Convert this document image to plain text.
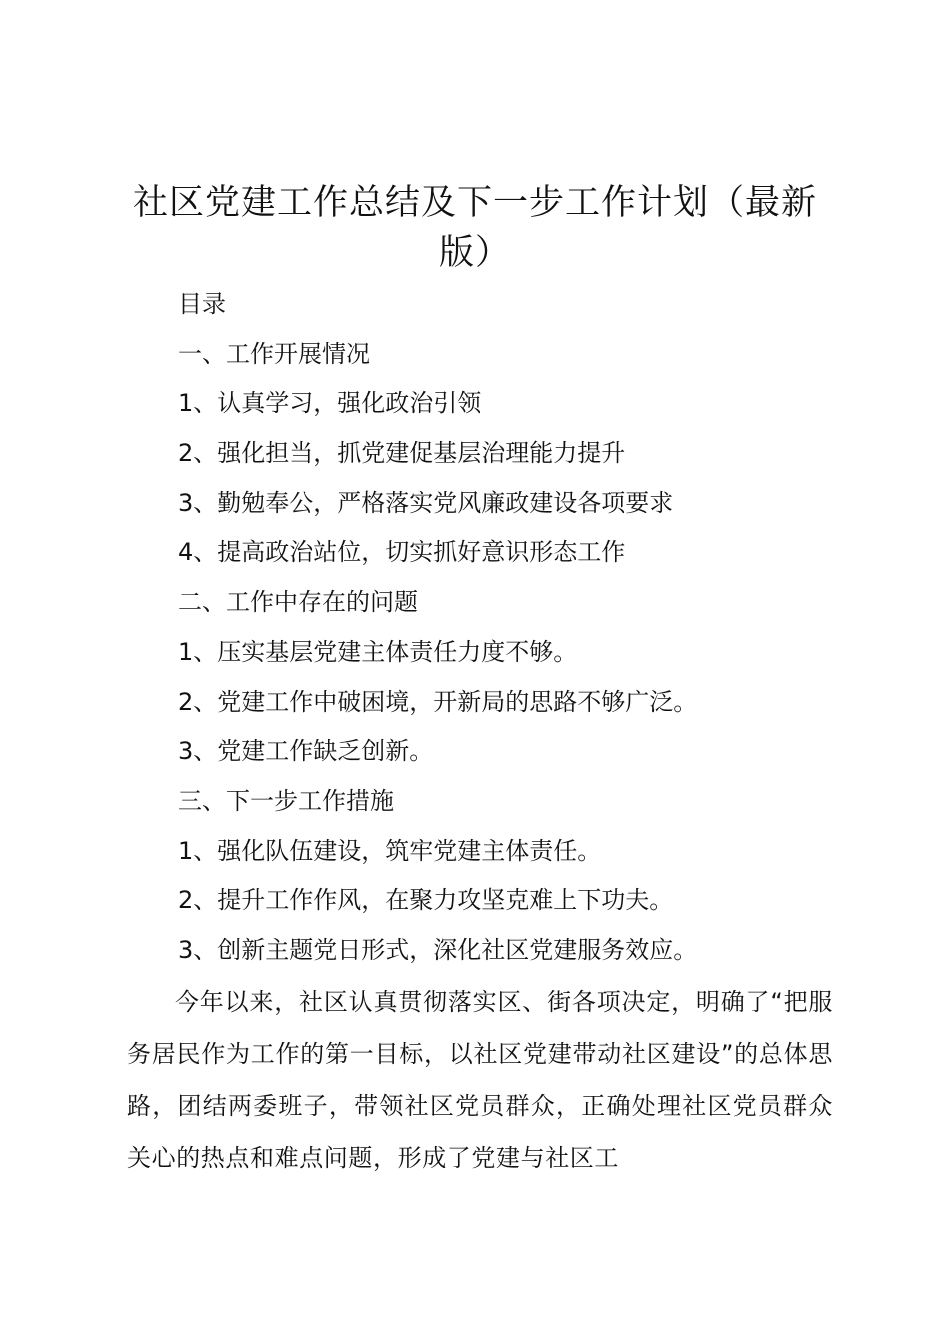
社区党建工作总结及下一步工作计划（最新版）
目录
一、工作开展情况
1、认真学习，强化政治引领
2、强化担当，抓党建促基层治理能力提升
3、勤勉奉公，严格落实党风廉政建设各项要求
4、提高政治站位，切实抓好意识形态工作
二、工作中存在的问题
1、压实基层党建主体责任力度不够。
2、党建工作中破困境，开新局的思路不够广泛。
3、党建工作缺乏创新。
三、下一步工作措施
1、强化队伍建设，筑牢党建主体责任。
2、提升工作作风，在聚力攻坚克难上下功夫。
3、创新主题党日形式，深化社区党建服务效应。

今年以来，社区认真贯彻落实区、街各项决定，明确了“把服务居民作为工作的第一目标，以社区党建带动社区建设”的总体思路，团结两委班子，带领社区党员群众，正确处理社区党员群众关心的热点和难点问题，形成了党建与社区工
